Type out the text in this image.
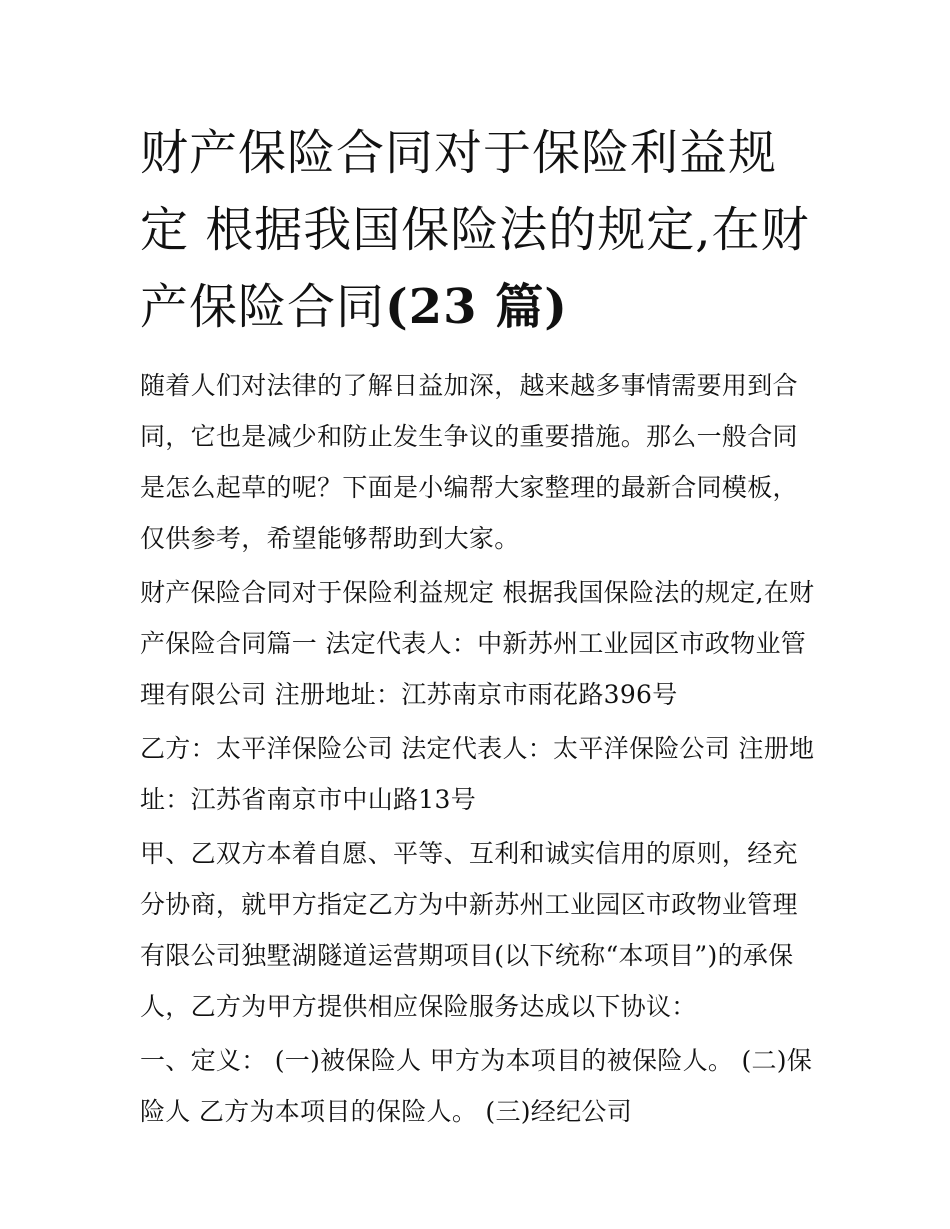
财产保险合同对于保险利益规定 根据我国保险法的规定,在财产保险合同(23 篇)

随着人们对法律的了解日益加深，越来越多事情需要用到合同，它也是减少和防止发生争议的重要措施。那么一般合同是怎么起草的呢？下面是小编帮大家整理的最新合同模板，仅供参考，希望能够帮助到大家。

财产保险合同对于保险利益规定 根据我国保险法的规定,在财产保险合同篇一 法定代表人：中新苏州工业园区市政物业管理有限公司 注册地址：江苏南京市雨花路396号

乙方：太平洋保险公司 法定代表人：太平洋保险公司 注册地址：江苏省南京市中山路13号

甲、乙双方本着自愿、平等、互利和诚实信用的原则，经充分协商，就甲方指定乙方为中新苏州工业园区市政物业管理有限公司独墅湖隧道运营期项目(以下统称“本项目”)的承保人，乙方为甲方提供相应保险服务达成以下协议：

一、定义： (一)被保险人 甲方为本项目的被保险人。 (二)保险人 乙方为本项目的保险人。 (三)经纪公司
